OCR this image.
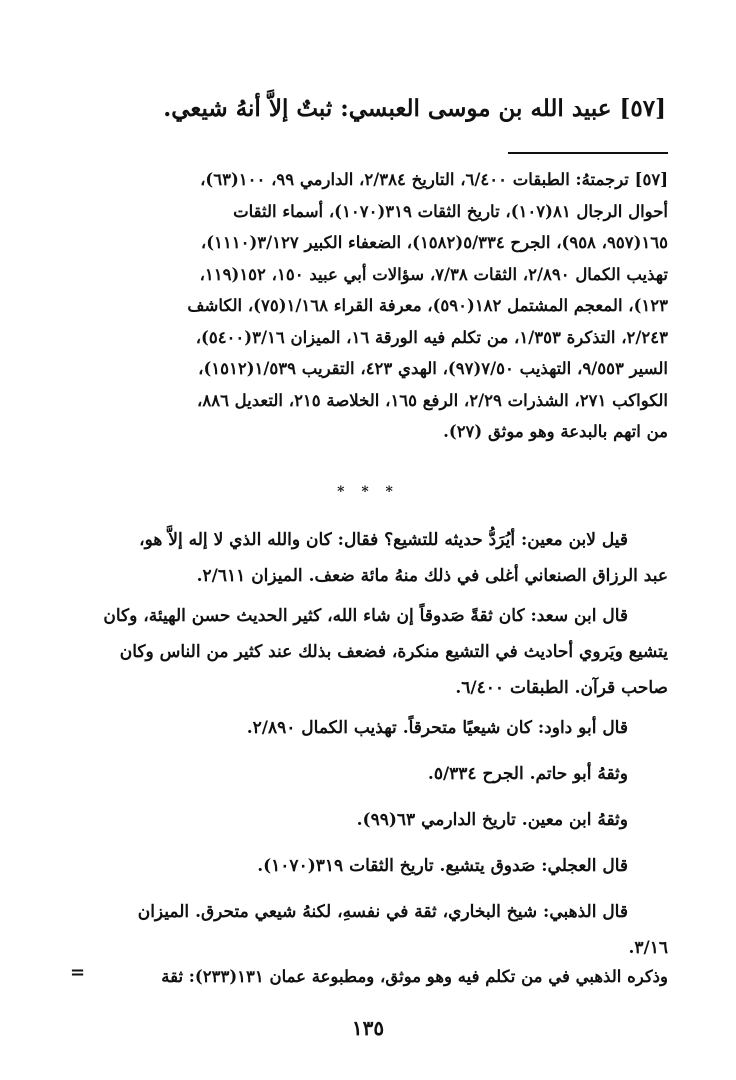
[٥٧] عبيد الله بن موسى العبسي: ثبتٌ إلاَّ أنهُ شيعي.
[٥٧] ترجمتهُ: الطبقات ٦/٤٠٠، التاريخ ٢/٣٨٤، الدارمي ٩٩، ١٠٠(٦٣)،
أحوال الرجال ٨١(١٠٧)، تاريخ الثقات ٣١٩(١٠٧٠)، أسماء الثقات
١٦٥(٩٥٧، ٩٥٨)، الجرح ٥/٣٣٤(١٥٨٢)، الضعفاء الكبير ٣/١٢٧(١١١٠)،
تهذيب الكمال ٢/٨٩٠، الثقات ٧/٣٨، سؤالات أبي عبيد ١٥٠، ١٥٢(١١٩،
١٢٣)، المعجم المشتمل ١٨٢(٥٩٠)، معرفة القراء ١/١٦٨(٧٥)، الكاشف
٢/٢٤٣، التذكرة ١/٣٥٣، من تكلم فيه الورقة ١٦، الميزان ٣/١٦(٥٤٠٠)،
السير ٩/٥٥٣، التهذيب ٧/٥٠(٩٧)، الهدي ٤٢٣، التقريب ١/٥٣٩(١٥١٢)،
الكواكب ٢٧١، الشذرات ٢/٢٩، الرفع ١٦٥، الخلاصة ٢١٥، التعديل ٨٨٦،
من اتهم بالبدعة وهو موثق (٢٧).
* * *
قيل لابن معين: أيُرَدُّ حديثه للتشيع؟ فقال: كان والله الذي لا إله إلاَّ هو،
عبد الرزاق الصنعاني أغلى في ذلك منهُ مائة ضعف. الميزان ٢/٦١١.
قال ابن سعد: كان ثقةً صَدوقاً إن شاء الله، كثير الحديث حسن الهيئة، وكان
يتشيع ويَروي أحاديث في التشيع منكرة، فضعف بذلك عند كثير من الناس وكان
صاحب قرآن. الطبقات ٦/٤٠٠.
قال أبو داود: كان شيعيًا متحرقاً. تهذيب الكمال ٢/٨٩٠.
وثقهُ أبو حاتم. الجرح ٥/٣٣٤.
وثقهُ ابن معين. تاريخ الدارمي ٦٣(٩٩).
قال العجلي: صَدوق يتشيع. تاريخ الثقات ٣١٩(١٠٧٠).
قال الذهبي: شيخ البخاري، ثقة في نفسهِ، لكنهُ شيعي متحرق. الميزان
٣/١٦.
وذكره الذهبي في من تكلم فيه وهو موثق، ومطبوعة عمان ١٣١(٢٣٣): ثقة
=
١٣٥
